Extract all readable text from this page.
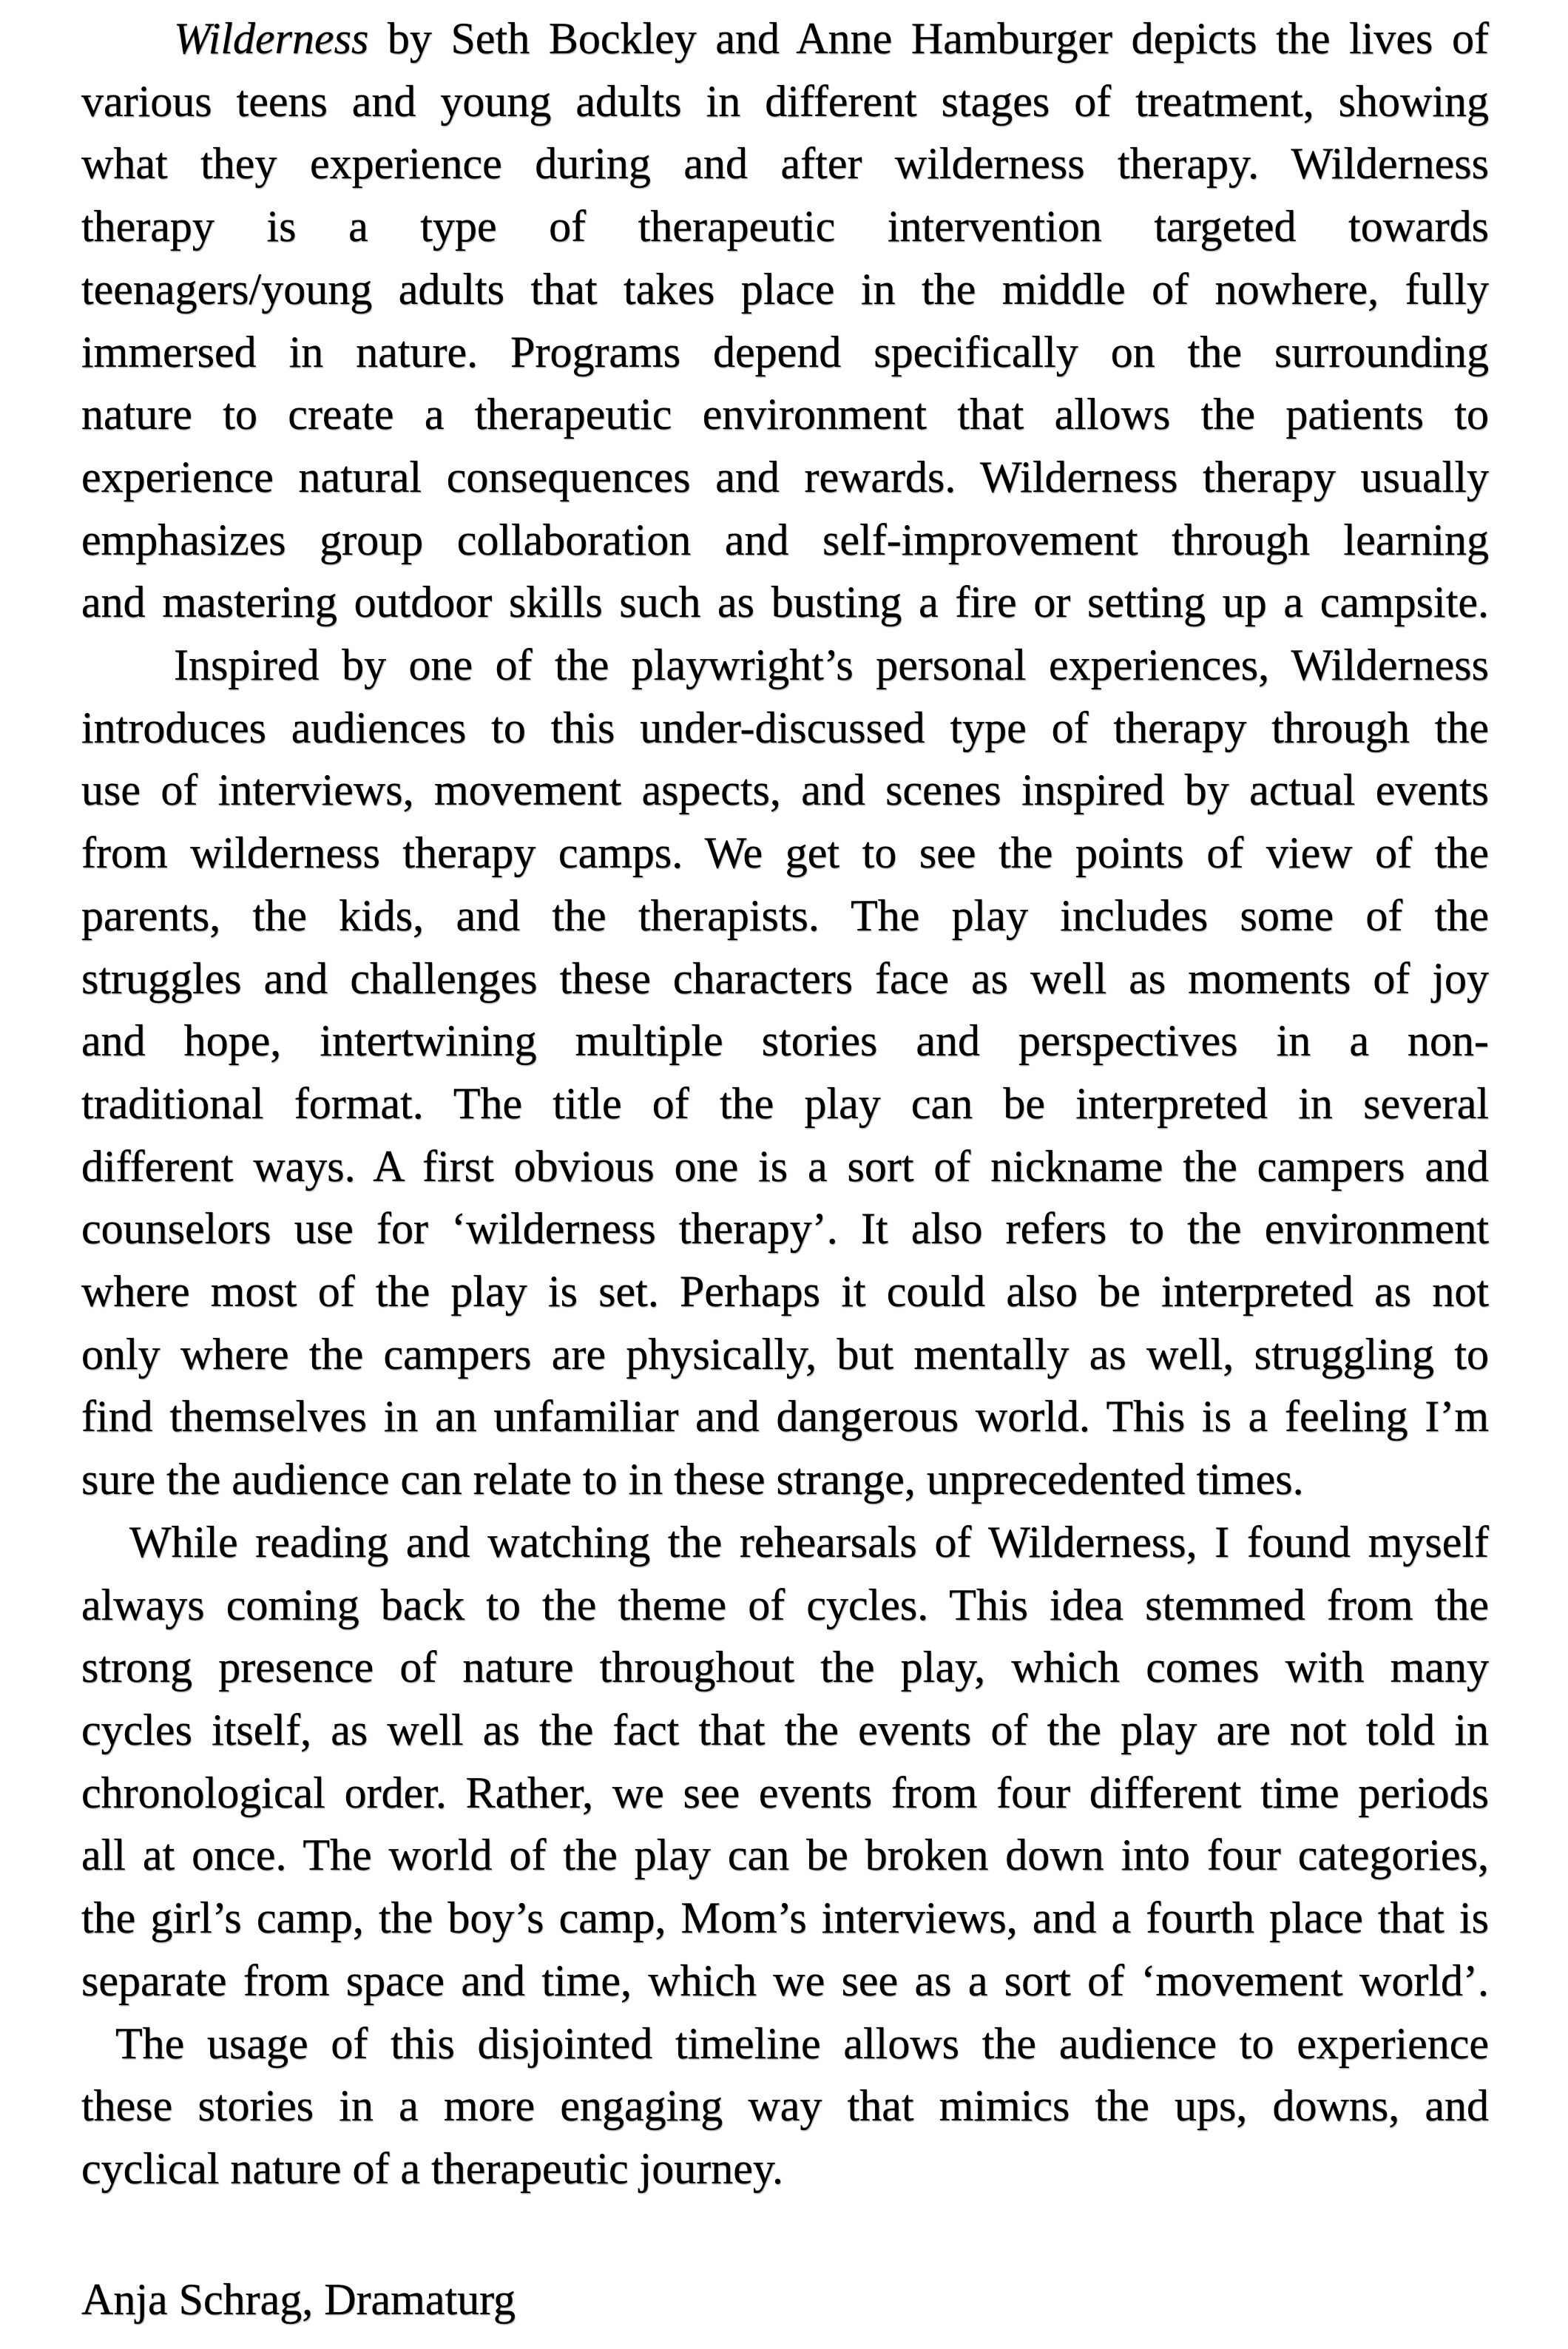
Wilderness by Seth Bockley and Anne Hamburger depicts the lives of
various teens and young adults in different stages of treatment, showing
what they experience during and after wilderness therapy. Wilderness
therapy is a type of therapeutic intervention targeted towards
teenagers/young adults that takes place in the middle of nowhere, fully
immersed in nature. Programs depend specifically on the surrounding
nature to create a therapeutic environment that allows the patients to
experience natural consequences and rewards. Wilderness therapy usually
emphasizes group collaboration and self-improvement through learning
and mastering outdoor skills such as busting a fire or setting up a campsite.
Inspired by one of the playwright’s personal experiences, Wilderness
introduces audiences to this under-discussed type of therapy through the
use of interviews, movement aspects, and scenes inspired by actual events
from wilderness therapy camps. We get to see the points of view of the
parents, the kids, and the therapists. The play includes some of the
struggles and challenges these characters face as well as moments of joy
and hope, intertwining multiple stories and perspectives in a non-
traditional format. The title of the play can be interpreted in several
different ways. A first obvious one is a sort of nickname the campers and
counselors use for ‘wilderness therapy’. It also refers to the environment
where most of the play is set. Perhaps it could also be interpreted as not
only where the campers are physically, but mentally as well, struggling to
find themselves in an unfamiliar and dangerous world. This is a feeling I’m
sure the audience can relate to in these strange, unprecedented times.
While reading and watching the rehearsals of Wilderness, I found myself
always coming back to the theme of cycles. This idea stemmed from the
strong presence of nature throughout the play, which comes with many
cycles itself, as well as the fact that the events of the play are not told in
chronological order. Rather, we see events from four different time periods
all at once. The world of the play can be broken down into four categories,
the girl’s camp, the boy’s camp, Mom’s interviews, and a fourth place that is
separate from space and time, which we see as a sort of ‘movement world’.
The usage of this disjointed timeline allows the audience to experience
these stories in a more engaging way that mimics the ups, downs, and
cyclical nature of a therapeutic journey.
Anja Schrag, Dramaturg
